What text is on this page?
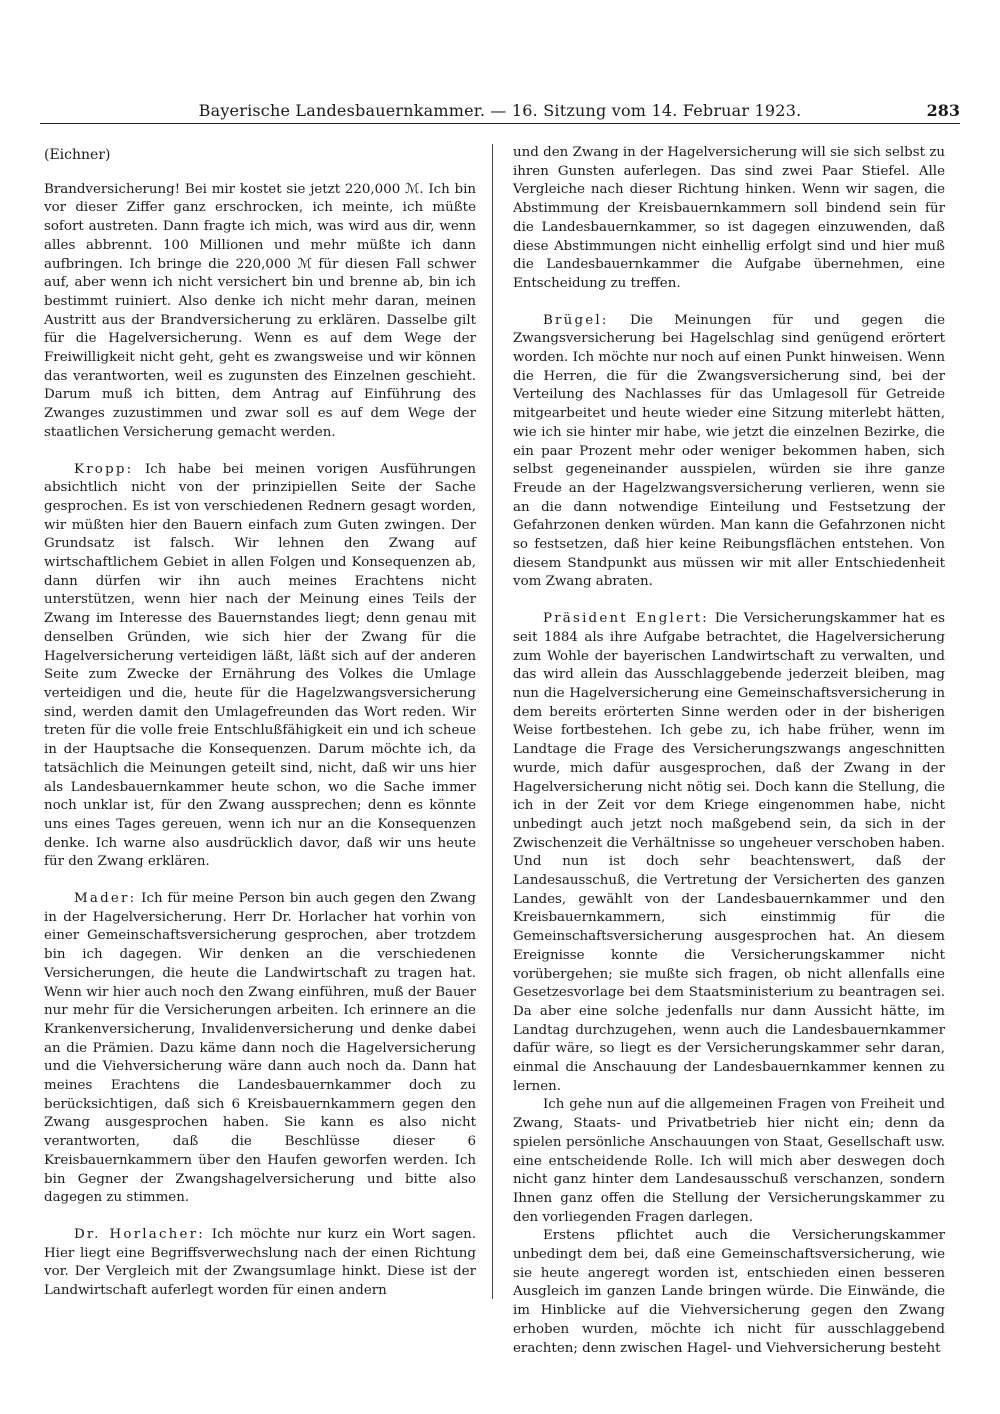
Bayerische Landesbauernkammer. — 16. Sitzung vom 14. Februar 1923.	283
(Eichner)

Brandversicherung! Bei mir kostet sie jetzt 220,000 ℳ. Ich bin vor dieser Ziffer ganz erschrocken, ich meinte, ich müßte sofort austreten. Dann fragte ich mich, was wird aus dir, wenn alles abbrennt. 100 Millionen und mehr müßte ich dann aufbringen. Ich bringe die 220,000 ℳ für diesen Fall schwer auf, aber wenn ich nicht versichert bin und brenne ab, bin ich bestimmt ruiniert. Also denke ich nicht mehr daran, meinen Austritt aus der Brandversicherung zu erklären. Dasselbe gilt für die Hagelversicherung. Wenn es auf dem Wege der Freiwilligkeit nicht geht, geht es zwangsweise und wir können das verantworten, weil es zugunsten des Einzelnen geschieht. Darum muß ich bitten, dem Antrag auf Einführung des Zwanges zuzustimmen und zwar soll es auf dem Wege der staatlichen Versicherung gemacht werden.

Kropp: Ich habe bei meinen vorigen Ausführungen absichtlich nicht von der prinzipiellen Seite der Sache gesprochen. Es ist von verschiedenen Rednern gesagt worden, wir müßten hier den Bauern einfach zum Guten zwingen. Der Grundsatz ist falsch. Wir lehnen den Zwang auf wirtschaftlichem Gebiet in allen Folgen und Konsequenzen ab, dann dürfen wir ihn auch meines Erachtens nicht unterstützen, wenn hier nach der Meinung eines Teils der Zwang im Interesse des Bauernstandes liegt; denn genau mit denselben Gründen, wie sich hier der Zwang für die Hagelversicherung verteidigen läßt, läßt sich auf der anderen Seite zum Zwecke der Ernährung des Volkes die Umlage verteidigen und die, heute für die Hagelzwangsversicherung sind, werden damit den Umlagefreunden das Wort reden. Wir treten für die volle freie Entschlußfähigkeit ein und ich scheue in der Hauptsache die Konsequenzen. Darum möchte ich, da tatsächlich die Meinungen geteilt sind, nicht, daß wir uns hier als Landesbauernkammer heute schon, wo die Sache immer noch unklar ist, für den Zwang aussprechen; denn es könnte uns eines Tages gereuen, wenn ich nur an die Konsequenzen denke. Ich warne also ausdrücklich davor, daß wir uns heute für den Zwang erklären.

Mader: Ich für meine Person bin auch gegen den Zwang in der Hagelversicherung. Herr Dr. Horlacher hat vorhin von einer Gemeinschaftsversicherung gesprochen, aber trotzdem bin ich dagegen. Wir denken an die verschiedenen Versicherungen, die heute die Landwirtschaft zu tragen hat. Wenn wir hier auch noch den Zwang einführen, muß der Bauer nur mehr für die Versicherungen arbeiten. Ich erinnere an die Krankenversicherung, Invalidenversicherung und denke dabei an die Prämien. Dazu käme dann noch die Hagelversicherung und die Viehversicherung wäre dann auch noch da. Dann hat meines Erachtens die Landesbauernkammer doch zu berücksichtigen, daß sich 6 Kreisbauernkammern gegen den Zwang ausgesprochen haben. Sie kann es also nicht verantworten, daß die Beschlüsse dieser 6 Kreisbauernkammern über den Haufen geworfen werden. Ich bin Gegner der Zwangshagelversicherung und bitte also dagegen zu stimmen.

Dr. Horlacher: Ich möchte nur kurz ein Wort sagen. Hier liegt eine Begriffsverwechslung nach der einen Richtung vor. Der Vergleich mit der Zwangsumlage hinkt. Diese ist der Landwirtschaft auferlegt worden für einen andern

und den Zwang in der Hagelversicherung will sie sich selbst zu ihren Gunsten auferlegen. Das sind zwei Paar Stiefel. Alle Vergleiche nach dieser Richtung hinken. Wenn wir sagen, die Abstimmung der Kreisbauernkammern soll bindend sein für die Landesbauernkammer, so ist dagegen einzuwenden, daß diese Abstimmungen nicht einhellig erfolgt sind und hier muß die Landesbauernkammer die Aufgabe übernehmen, eine Entscheidung zu treffen.

Brügel: Die Meinungen für und gegen die Zwangsversicherung bei Hagelschlag sind genügend erörtert worden. Ich möchte nur noch auf einen Punkt hinweisen. Wenn die Herren, die für die Zwangsversicherung sind, bei der Verteilung des Nachlasses für das Umlagesoll für Getreide mitgearbeitet und heute wieder eine Sitzung miterlebt hätten, wie ich sie hinter mir habe, wie jetzt die einzelnen Bezirke, die ein paar Prozent mehr oder weniger bekommen haben, sich selbst gegeneinander ausspielen, würden sie ihre ganze Freude an der Hagelzwangsversicherung verlieren, wenn sie an die dann notwendige Einteilung und Festsetzung der Gefahrzonen denken würden. Man kann die Gefahrzonen nicht so festsetzen, daß hier keine Reibungsflächen entstehen. Von diesem Standpunkt aus müssen wir mit aller Entschiedenheit vom Zwang abraten.

Präsident Englert: Die Versicherungskammer hat es seit 1884 als ihre Aufgabe betrachtet, die Hagelversicherung zum Wohle der bayerischen Landwirtschaft zu verwalten, und das wird allein das Ausschlaggebende jederzeit bleiben, mag nun die Hagelversicherung eine Gemeinschaftsversicherung in dem bereits erörterten Sinne werden oder in der bisherigen Weise fortbestehen. Ich gebe zu, ich habe früher, wenn im Landtage die Frage des Versicherungszwangs angeschnitten wurde, mich dafür ausgesprochen, daß der Zwang in der Hagelversicherung nicht nötig sei. Doch kann die Stellung, die ich in der Zeit vor dem Kriege eingenommen habe, nicht unbedingt auch jetzt noch maßgebend sein, da sich in der Zwischenzeit die Verhältnisse so ungeheuer verschoben haben. Und nun ist doch sehr beachtenswert, daß der Landesausschuß, die Vertretung der Versicherten des ganzen Landes, gewählt von der Landesbauernkammer und den Kreisbauernkammern, sich einstimmig für die Gemeinschaftsversicherung ausgesprochen hat. An diesem Ereignisse konnte die Versicherungskammer nicht vorübergehen; sie mußte sich fragen, ob nicht allenfalls eine Gesetzesvorlage bei dem Staatsministerium zu beantragen sei. Da aber eine solche jedenfalls nur dann Aussicht hätte, im Landtag durchzugehen, wenn auch die Landesbauernkammer dafür wäre, so liegt es der Versicherungskammer sehr daran, einmal die Anschauung der Landesbauernkammer kennen zu lernen.

Ich gehe nun auf die allgemeinen Fragen von Freiheit und Zwang, Staats- und Privatbetrieb hier nicht ein; denn da spielen persönliche Anschauungen von Staat, Gesellschaft usw. eine entscheidende Rolle. Ich will mich aber deswegen doch nicht ganz hinter dem Landesausschuß verschanzen, sondern Ihnen ganz offen die Stellung der Versicherungskammer zu den vorliegenden Fragen darlegen.

Erstens pflichtet auch die Versicherungskammer unbedingt dem bei, daß eine Gemeinschaftsversicherung, wie sie heute angeregt worden ist, entschieden einen besseren Ausgleich im ganzen Lande bringen würde. Die Einwände, die im Hinblicke auf die Viehversicherung gegen den Zwang erhoben wurden, möchte ich nicht für ausschlaggebend erachten; denn zwischen Hagel- und Viehversicherung besteht
